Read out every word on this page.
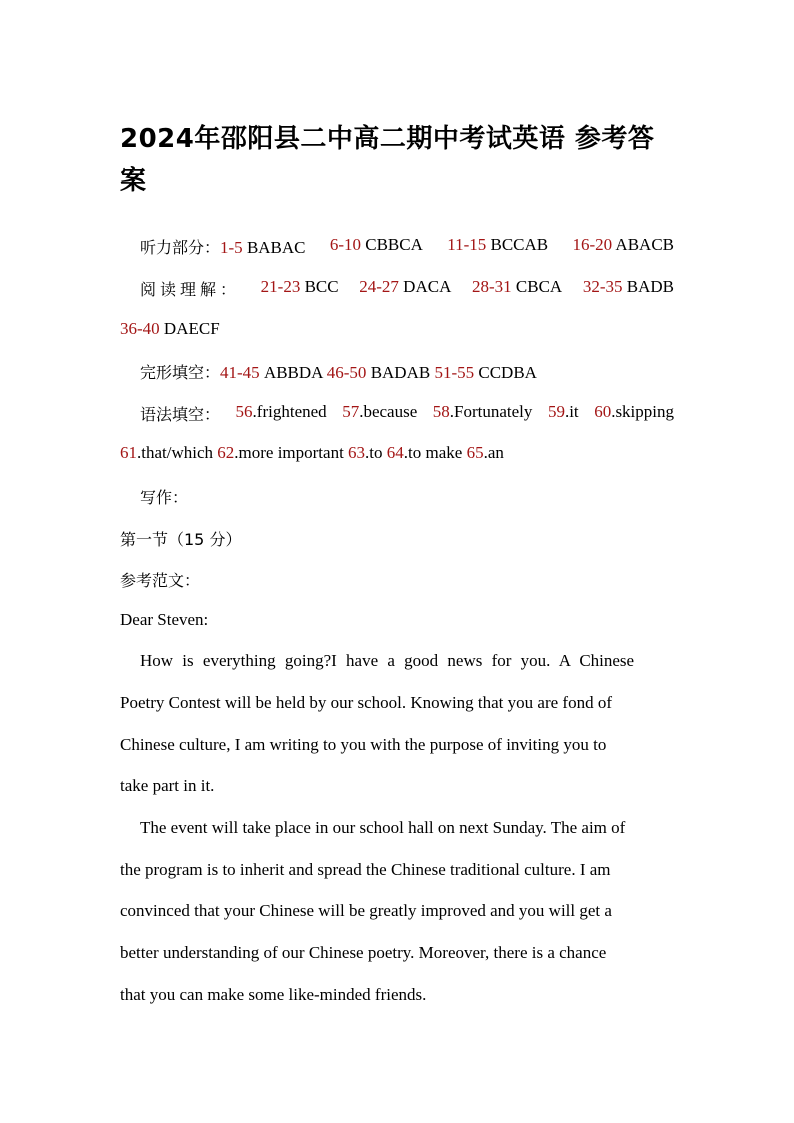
2024年邵阳县二中高二期中考试英语 参考答案
听力部分：1-5 BABAC 6-10 CBBCA 11-15 BCCAB 16-20 ABACB
阅读理解： 21-23 BCC 24-27 DACA 28-31 CBCA 32-35 BADB
36-40 DAECF
完形填空：41-45 ABBDA 46-50 BADAB 51-55 CCDBA
语法填空： 56.frightened 57.because 58.Fortunately 59.it 60.skipping
61.that/which 62.more important 63.to 64.to make 65.an
写作：
第一节（15 分）
参考范文：
Dear Steven:
How is everything going?I have a good news for you. A Chinese
Poetry Contest will be held by our school. Knowing that you are fond of
Chinese culture, I am writing to you with the purpose of inviting you to
take part in it.
The event will take place in our school hall on next Sunday. The aim of
the program is to inherit and spread the Chinese traditional culture. I am
convinced that your Chinese will be greatly improved and you will get a
better understanding of our Chinese poetry. Moreover, there is a chance
that you can make some like-minded friends.
